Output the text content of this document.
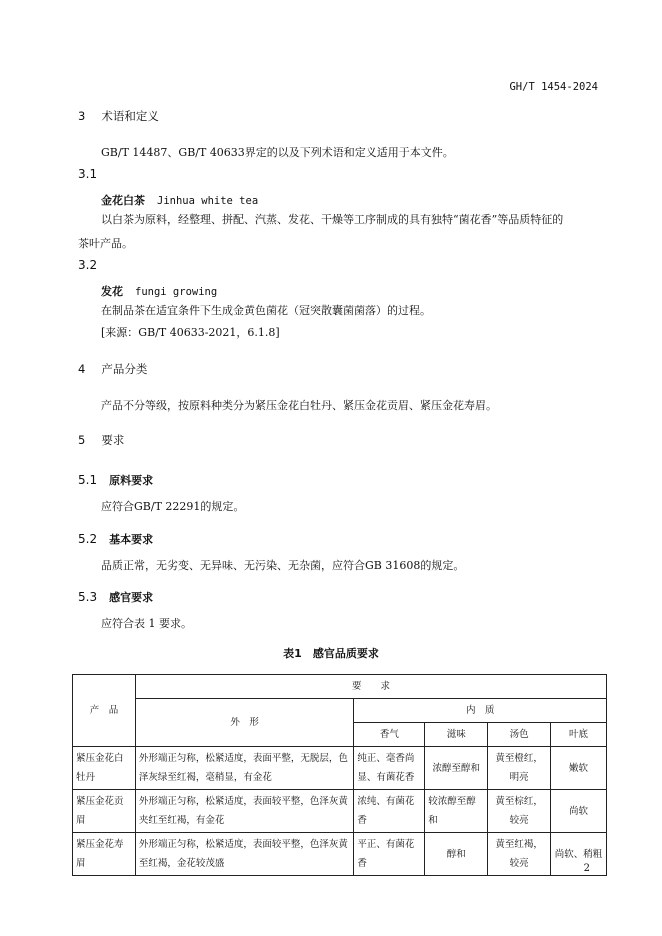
GH/T 1454-2024
3 术语和定义
GB/T 14487、GB/T 40633界定的以及下列术语和定义适用于本文件。
3.1
金花白茶 Jinhua white tea
以白茶为原料，经整理、拼配、汽蒸、发花、干燥等工序制成的具有独特“菌花香”等品质特征的
茶叶产品。
3.2
发花 fungi growing
在制品茶在适宜条件下生成金黄色菌花（冠突散囊菌菌落）的过程。
[来源：GB/T 40633-2021，6.1.8]
4 产品分类
产品不分等级，按原料种类分为紧压金花白牡丹、紧压金花贡眉、紧压金花寿眉。
5 要求
5.1 原料要求
应符合GB/T 22291的规定。
5.2 基本要求
品质正常，无劣变、无异味、无污染、无杂菌，应符合GB 31608的规定。
5.3 感官要求
应符合表 1 要求。
表1　感官品质要求
产　品	要　　求				
	外　形	内　质			
		香气	滋味	汤色	叶底
紧压金花白牡丹	外形端正匀称，松紧适度，表面平整，无脱层，色泽灰绿至红褐，毫稍显，有金花	纯正、毫香尚显、有菌花香	浓醇至醇和	黄至橙红，明亮	嫩软
紧压金花贡眉	外形端正匀称，松紧适度，表面较平整，色泽灰黄夹红至红褐，有金花	浓纯、有菌花香	较浓醇至醇和	黄至棕红，较亮	尚软
紧压金花寿眉	外形端正匀称，松紧适度，表面较平整，色泽灰黄至红褐，金花较茂盛	平正、有菌花香	醇和	黄至红褐，较亮	尚软、稍粗
2
